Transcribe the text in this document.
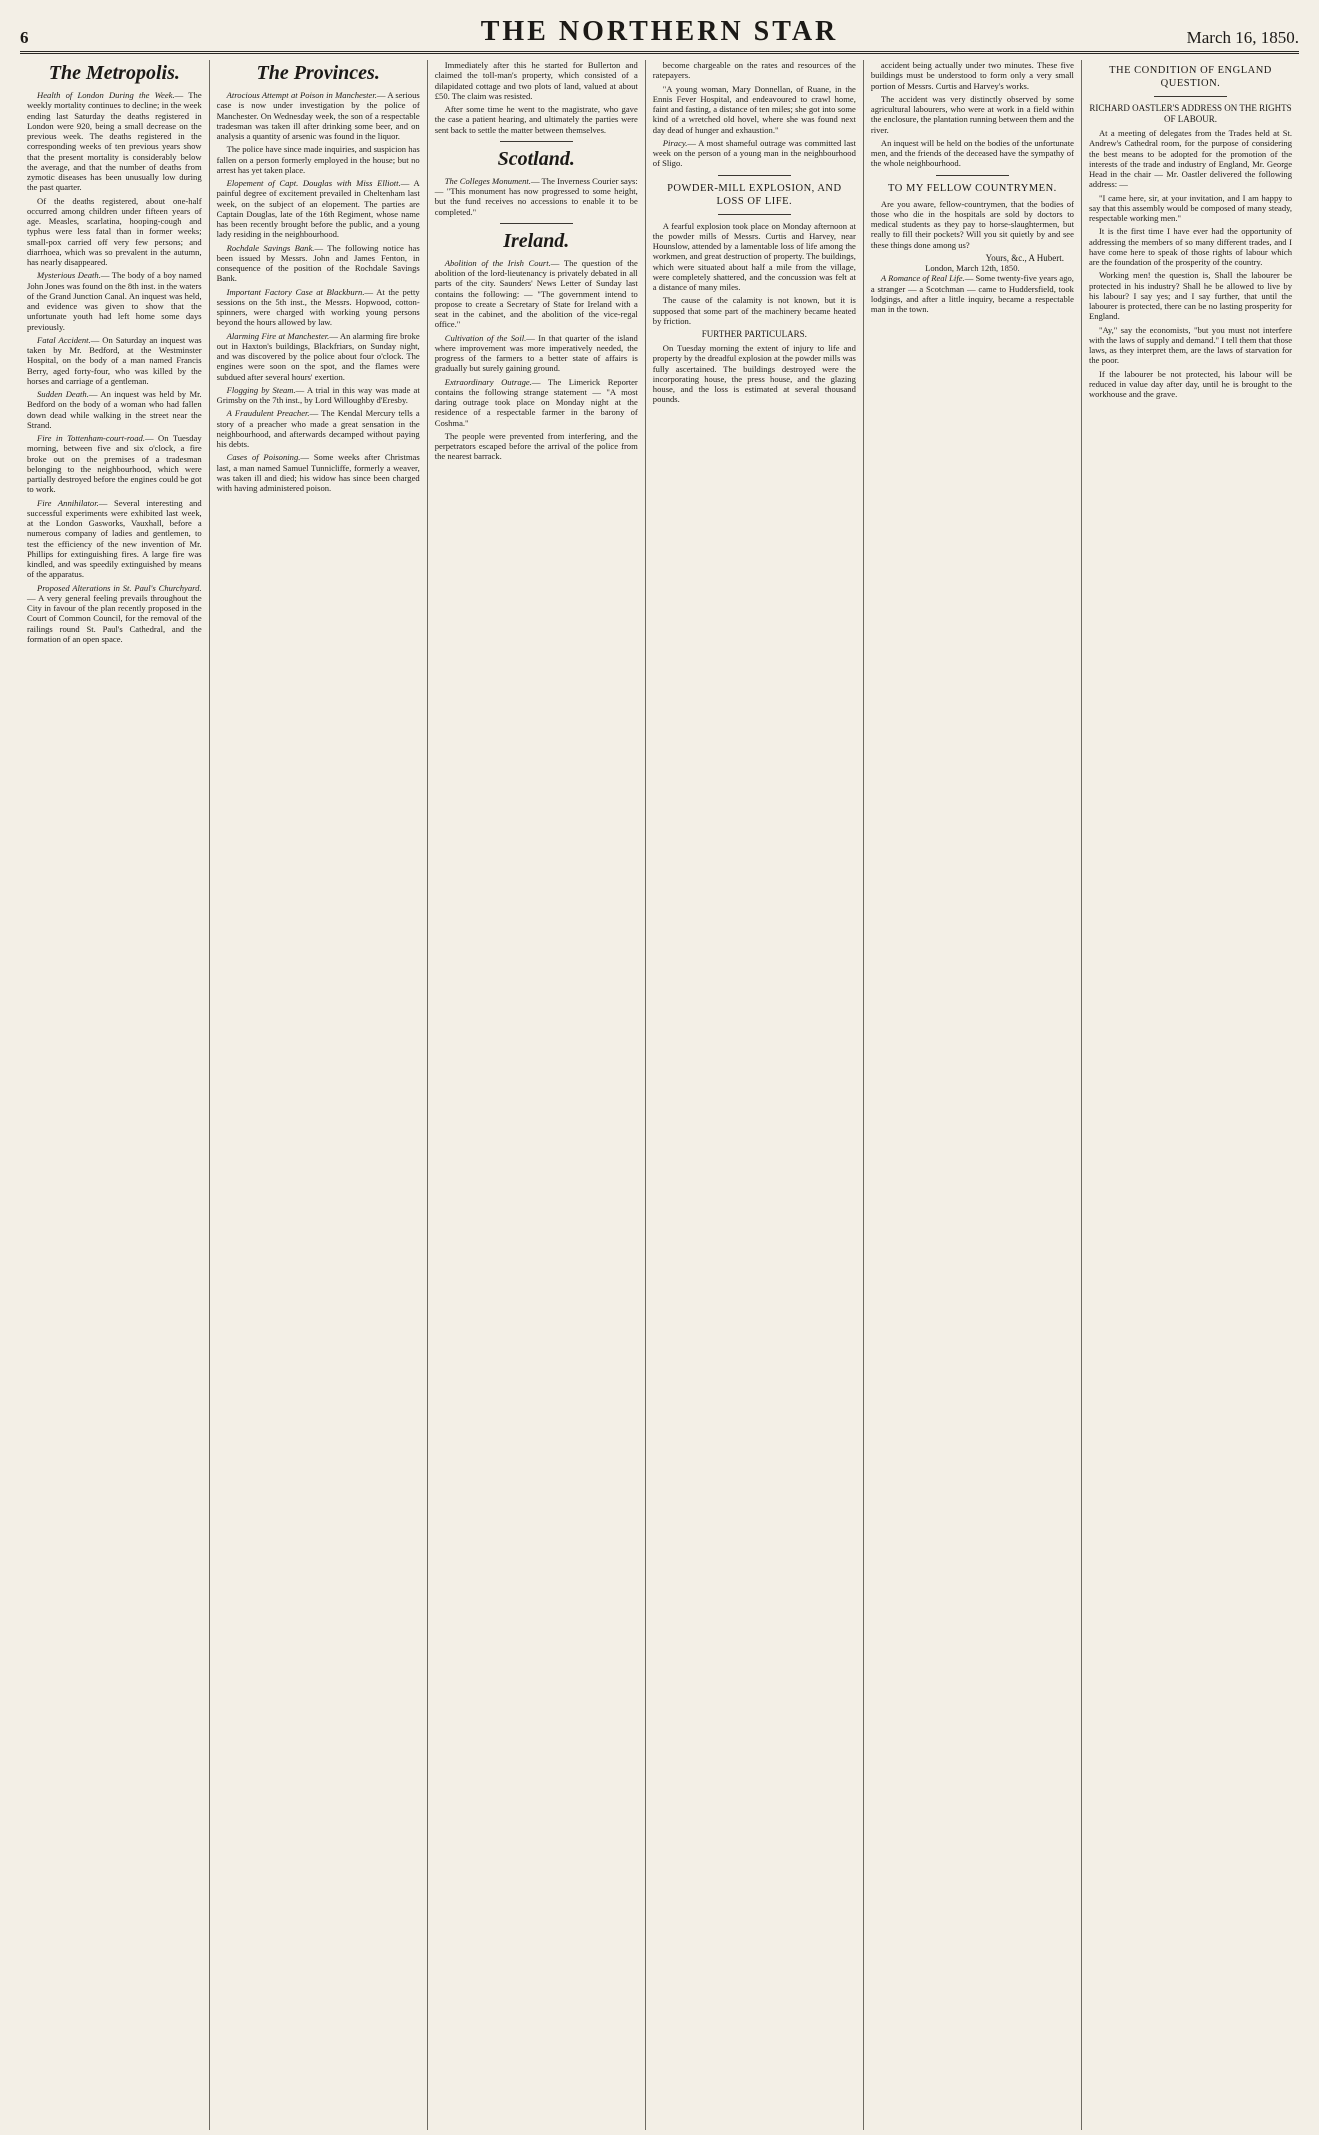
6	THE NORTHERN STAR	March 16, 1850.
The Metropolis.

Health of London During the Week.— The weekly mortality continues to decline; in the week ending last Saturday the deaths registered in London were 920, being a small decrease on the previous week. The deaths registered in the corresponding weeks of ten previous years show that the present mortality is considerably below the average, and that the number of deaths from zymotic diseases has been unusually low during the past quarter.

Of the deaths registered, about one-half occurred among children under fifteen years of age. Measles, scarlatina, hooping-cough and typhus were less fatal than in former weeks; small-pox carried off very few persons; and diarrhoea, which was so prevalent in the autumn, has nearly disappeared.

Mysterious Death.— The body of a boy named John Jones was found on the 8th inst. in the waters of the Grand Junction Canal. An inquest was held, and evidence was given to show that the unfortunate youth had left home some days previously.

Fatal Accident.— On Saturday an inquest was taken by Mr. Bedford, at the Westminster Hospital, on the body of a man named Francis Berry, aged forty-four, who was killed by the horses and carriage of a gentleman.

Sudden Death.— An inquest was held by Mr. Bedford on the body of a woman who had fallen down dead while walking in the street near the Strand.

Fire in Tottenham-court-road.— On Tuesday morning, between five and six o'clock, a fire broke out on the premises of a tradesman belonging to the neighbourhood, which were partially destroyed before the engines could be got to work.

Fire Annihilator.— Several interesting and successful experiments were exhibited last week, at the London Gasworks, Vauxhall, before a numerous company of ladies and gentlemen, to test the efficiency of the new invention of Mr. Phillips for extinguishing fires. A large fire was kindled, and was speedily extinguished by means of the apparatus.

Proposed Alterations in St. Paul's Churchyard.— A very general feeling prevails throughout the City in favour of the plan recently proposed in the Court of Common Council, for the removal of the railings round St. Paul's Cathedral, and the formation of an open space.

The Provinces.

Atrocious Attempt at Poison in Manchester.— A serious case is now under investigation by the police of Manchester. On Wednesday week, the son of a respectable tradesman was taken ill after drinking some beer, and on analysis a quantity of arsenic was found in the liquor.

The police have since made inquiries, and suspicion has fallen on a person formerly employed in the house; but no arrest has yet taken place.

Elopement of Capt. Douglas with Miss Elliott.— A painful degree of excitement prevailed in Cheltenham last week, on the subject of an elopement. The parties are Captain Douglas, late of the 16th Regiment, whose name has been recently brought before the public, and a young lady residing in the neighbourhood.

Rochdale Savings Bank.— The following notice has been issued by Messrs. John and James Fenton, in consequence of the position of the Rochdale Savings Bank.

Important Factory Case at Blackburn.— At the petty sessions on the 5th inst., the Messrs. Hopwood, cotton-spinners, were charged with working young persons beyond the hours allowed by law.

Alarming Fire at Manchester.— An alarming fire broke out in Haxton's buildings, Blackfriars, on Sunday night, and was discovered by the police about four o'clock. The engines were soon on the spot, and the flames were subdued after several hours' exertion.

Flogging by Steam.— A trial in this way was made at Grimsby on the 7th inst., by Lord Willoughby d'Eresby.

A Fraudulent Preacher.— The Kendal Mercury tells a story of a preacher who made a great sensation in the neighbourhood, and afterwards decamped without paying his debts.

Cases of Poisoning.— Some weeks after Christmas last, a man named Samuel Tunnicliffe, formerly a weaver, was taken ill and died; his widow has since been charged with having administered poison.

Immediately after this he started for Bullerton and claimed the toll-man's property, which consisted of a dilapidated cottage and two plots of land, valued at about £50. The claim was resisted.

After some time he went to the magistrate, who gave the case a patient hearing, and ultimately the parties were sent back to settle the matter between themselves.

Scotland.

The Colleges Monument.— The Inverness Courier says: — "This monument has now progressed to some height, but the fund receives no accessions to enable it to be completed."

Ireland.

Abolition of the Irish Court.— The question of the abolition of the lord-lieutenancy is privately debated in all parts of the city. Saunders' News Letter of Sunday last contains the following: — "The government intend to propose to create a Secretary of State for Ireland with a seat in the cabinet, and the abolition of the vice-regal office."

Cultivation of the Soil.— In that quarter of the island where improvement was more imperatively needed, the progress of the farmers to a better state of affairs is gradually but surely gaining ground.

Extraordinary Outrage.— The Limerick Reporter contains the following strange statement — "A most daring outrage took place on Monday night at the residence of a respectable farmer in the barony of Coshma."

The people were prevented from interfering, and the perpetrators escaped before the arrival of the police from the nearest barrack.

become chargeable on the rates and resources of the ratepayers.

"A young woman, Mary Donnellan, of Ruane, in the Ennis Fever Hospital, and endeavoured to crawl home, faint and fasting, a distance of ten miles; she got into some kind of a wretched old hovel, where she was found next day dead of hunger and exhaustion."

Piracy.— A most shameful outrage was committed last week on the person of a young man in the neighbourhood of Sligo.

POWDER-MILL EXPLOSION, AND LOSS OF LIFE.

A fearful explosion took place on Monday afternoon at the powder mills of Messrs. Curtis and Harvey, near Hounslow, attended by a lamentable loss of life among the workmen, and great destruction of property. The buildings, which were situated about half a mile from the village, were completely shattered, and the concussion was felt at a distance of many miles.

The cause of the calamity is not known, but it is supposed that some part of the machinery became heated by friction.

FURTHER PARTICULARS.

On Tuesday morning the extent of injury to life and property by the dreadful explosion at the powder mills was fully ascertained. The buildings destroyed were the incorporating house, the press house, and the glazing house, and the loss is estimated at several thousand pounds.

accident being actually under two minutes. These five buildings must be understood to form only a very small portion of Messrs. Curtis and Harvey's works.

The accident was very distinctly observed by some agricultural labourers, who were at work in a field within the enclosure, the plantation running between them and the river.

An inquest will be held on the bodies of the unfortunate men, and the friends of the deceased have the sympathy of the whole neighbourhood.

TO MY FELLOW COUNTRYMEN.

Are you aware, fellow-countrymen, that the bodies of those who die in the hospitals are sold by doctors to medical students as they pay to horse-slaughtermen, but really to fill their pockets? Will you sit quietly by and see these things done among us?

Yours, &c., A Hubert.
London, March 12th, 1850.

A Romance of Real Life.— Some twenty-five years ago, a stranger — a Scotchman — came to Huddersfield, took lodgings, and after a little inquiry, became a respectable man in the town.

THE CONDITION OF ENGLAND QUESTION.
RICHARD OASTLER'S ADDRESS ON THE RIGHTS OF LABOUR.

At a meeting of delegates from the Trades held at St. Andrew's Cathedral room, for the purpose of considering the best means to be adopted for the promotion of the interests of the trade and industry of England, Mr. George Head in the chair — Mr. Oastler delivered the following address: —

"I came here, sir, at your invitation, and I am happy to say that this assembly would be composed of many steady, respectable working men."

It is the first time I have ever had the opportunity of addressing the members of so many different trades, and I have come here to speak of those rights of labour which are the foundation of the prosperity of the country.

Working men! the question is, Shall the labourer be protected in his industry? Shall he be allowed to live by his labour? I say yes; and I say further, that until the labourer is protected, there can be no lasting prosperity for England.

"Ay," say the economists, "but you must not interfere with the laws of supply and demand." I tell them that those laws, as they interpret them, are the laws of starvation for the poor.

If the labourer be not protected, his labour will be reduced in value day after day, until he is brought to the workhouse and the grave.
